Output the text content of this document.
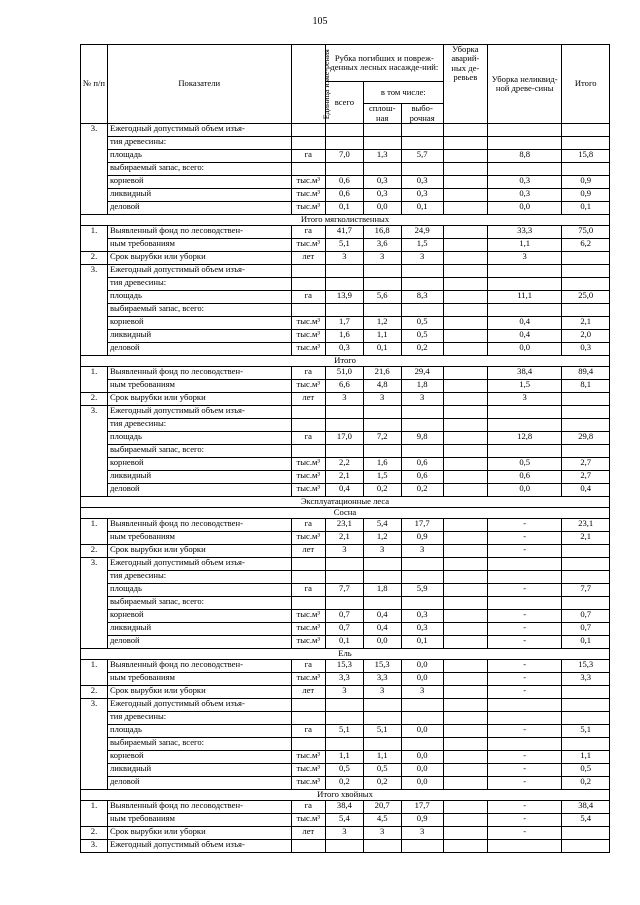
105
№ п/п	Показатели	Единица изме-рения	Рубка погибших и повреж-денных лесных насажде-ний:			Уборка аварий-ных де-ревьев	Уборка неликвид-ной древе-сины	Итого
			всего	в том числе:				
				сплош-ная	выбо-рочная			
3.	Ежегодный допустимый объем изъя-							
	тия древесины:							
	площадь	га	7,0	1,3	5,7		8,8	15,8
	выбираемый запас, всего:							
	корневой	тыс.м³	0,6	0,3	0,3		0,3	0,9
	ликвидный	тыс.м³	0,6	0,3	0,3		0,3	0,9
	деловой	тыс.м³	0,1	0,0	0,1		0,0	0,1
Итого мягколиственных								
1.	Выявленный фонд по лесоводствен-	га	41,7	16,8	24,9		33,3	75,0
	ным требованиям	тыс.м³	5,1	3,6	1,5		1,1	6,2
2.	Срок вырубки или уборки	лет	3	3	3		3	
3.	Ежегодный допустимый объем изъя-							
	тия древесины:							
	площадь	га	13,9	5,6	8,3		11,1	25,0
	выбираемый запас, всего:							
	корневой	тыс.м³	1,7	1,2	0,5		0,4	2,1
	ликвидный	тыс.м³	1,6	1,1	0,5		0,4	2,0
	деловой	тыс.м³	0,3	0,1	0,2		0,0	0,3
Итого								
1.	Выявленный фонд по лесоводствен-	га	51,0	21,6	29,4		38,4	89,4
	ным требованиям	тыс.м³	6,6	4,8	1,8		1,5	8,1
2.	Срок вырубки или уборки	лет	3	3	3		3	
3.	Ежегодный допустимый объем изъя-							
	тия древесины:							
	площадь	га	17,0	7,2	9,8		12,8	29,8
	выбираемый запас, всего:							
	корневой	тыс.м³	2,2	1,6	0,6		0,5	2,7
	ликвидный	тыс.м³	2,1	1,5	0,6		0,6	2,7
	деловой	тыс.м³	0,4	0,2	0,2		0,0	0,4
Эксплуатационные леса								
Сосна								
1.	Выявленный фонд по лесоводствен-	га	23,1	5,4	17,7		-	23,1
	ным требованиям	тыс.м³	2,1	1,2	0,9		-	2,1
2.	Срок вырубки или уборки	лет	3	3	3		-	
3.	Ежегодный допустимый объем изъя-							
	тия древесины:							
	площадь	га	7,7	1,8	5,9		-	7,7
	выбираемый запас, всего:							
	корневой	тыс.м³	0,7	0,4	0,3		-	0,7
	ликвидный	тыс.м³	0,7	0,4	0,3		-	0,7
	деловой	тыс.м³	0,1	0,0	0,1		-	0,1
Ель								
1.	Выявленный фонд по лесоводствен-	га	15,3	15,3	0,0		-	15,3
	ным требованиям	тыс.м³	3,3	3,3	0,0		-	3,3
2.	Срок вырубки или уборки	лет	3	3	3		-	
3.	Ежегодный допустимый объем изъя-							
	тия древесины:							
	площадь	га	5,1	5,1	0,0		-	5,1
	выбираемый запас, всего:							
	корневой	тыс.м³	1,1	1,1	0,0		-	1,1
	ликвидный	тыс.м³	0,5	0,5	0,0		-	0,5
	деловой	тыс.м³	0,2	0,2	0,0		-	0,2
Итого хвойных								
1.	Выявленный фонд по лесоводствен-	га	38,4	20,7	17,7		-	38,4
	ным требованиям	тыс.м³	5,4	4,5	0,9		-	5,4
2.	Срок вырубки или уборки	лет	3	3	3		-	
3.	Ежегодный допустимый объем изъя-							
